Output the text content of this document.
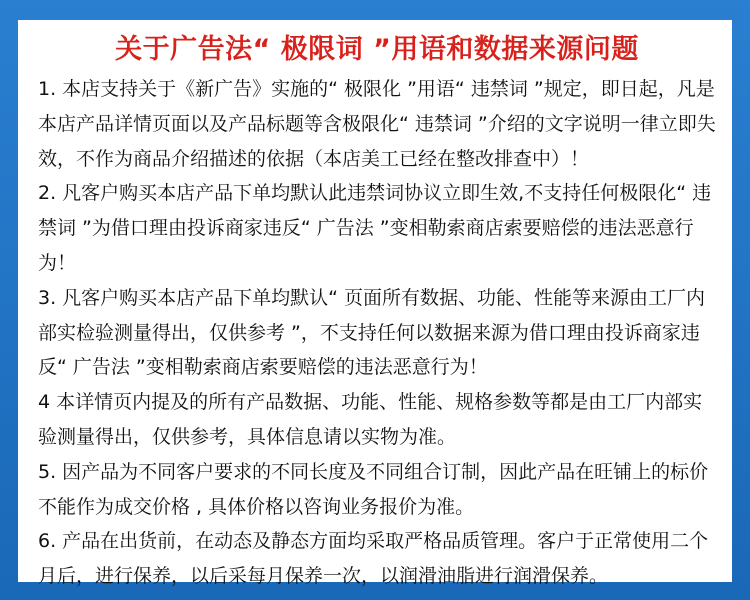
关于广告法“ 极限词 ”用语和数据来源问题

1. 本店支持关于《新广告》实施的“ 极限化 ”用语“ 违禁词 ”规定，即日起，凡是本店产品详情页面以及产品标题等含极限化“ 违禁词 ”介绍的文字说明一律立即失效，不作为商品介绍描述的依据（本店美工已经在整改排查中）！

2. 凡客户购买本店产品下单均默认此违禁词协议立即生效,不支持任何极限化“ 违禁词 ”为借口理由投诉商家违反“ 广告法 ”变相勒索商店索要赔偿的违法恶意行为！

3. 凡客户购买本店产品下单均默认“ 页面所有数据、功能、性能等来源由工厂内部实检验测量得出，仅供参考 ”，不支持任何以数据来源为借口理由投诉商家违反“ 广告法 ”变相勒索商店索要赔偿的违法恶意行为！

4 本详情页内提及的所有产品数据、功能、性能、规格参数等都是由工厂内部实验测量得出，仅供参考，具体信息请以实物为准。

5. 因产品为不同客户要求的不同长度及不同组合订制，因此产品在旺铺上的标价不能作为成交价格 , 具体价格以咨询业务报价为准。

6. 产品在出货前，在动态及静态方面均采取严格品质管理。客户于正常使用二个月后，进行保养，以后采每月保养一次，以润滑油脂进行润滑保养。
